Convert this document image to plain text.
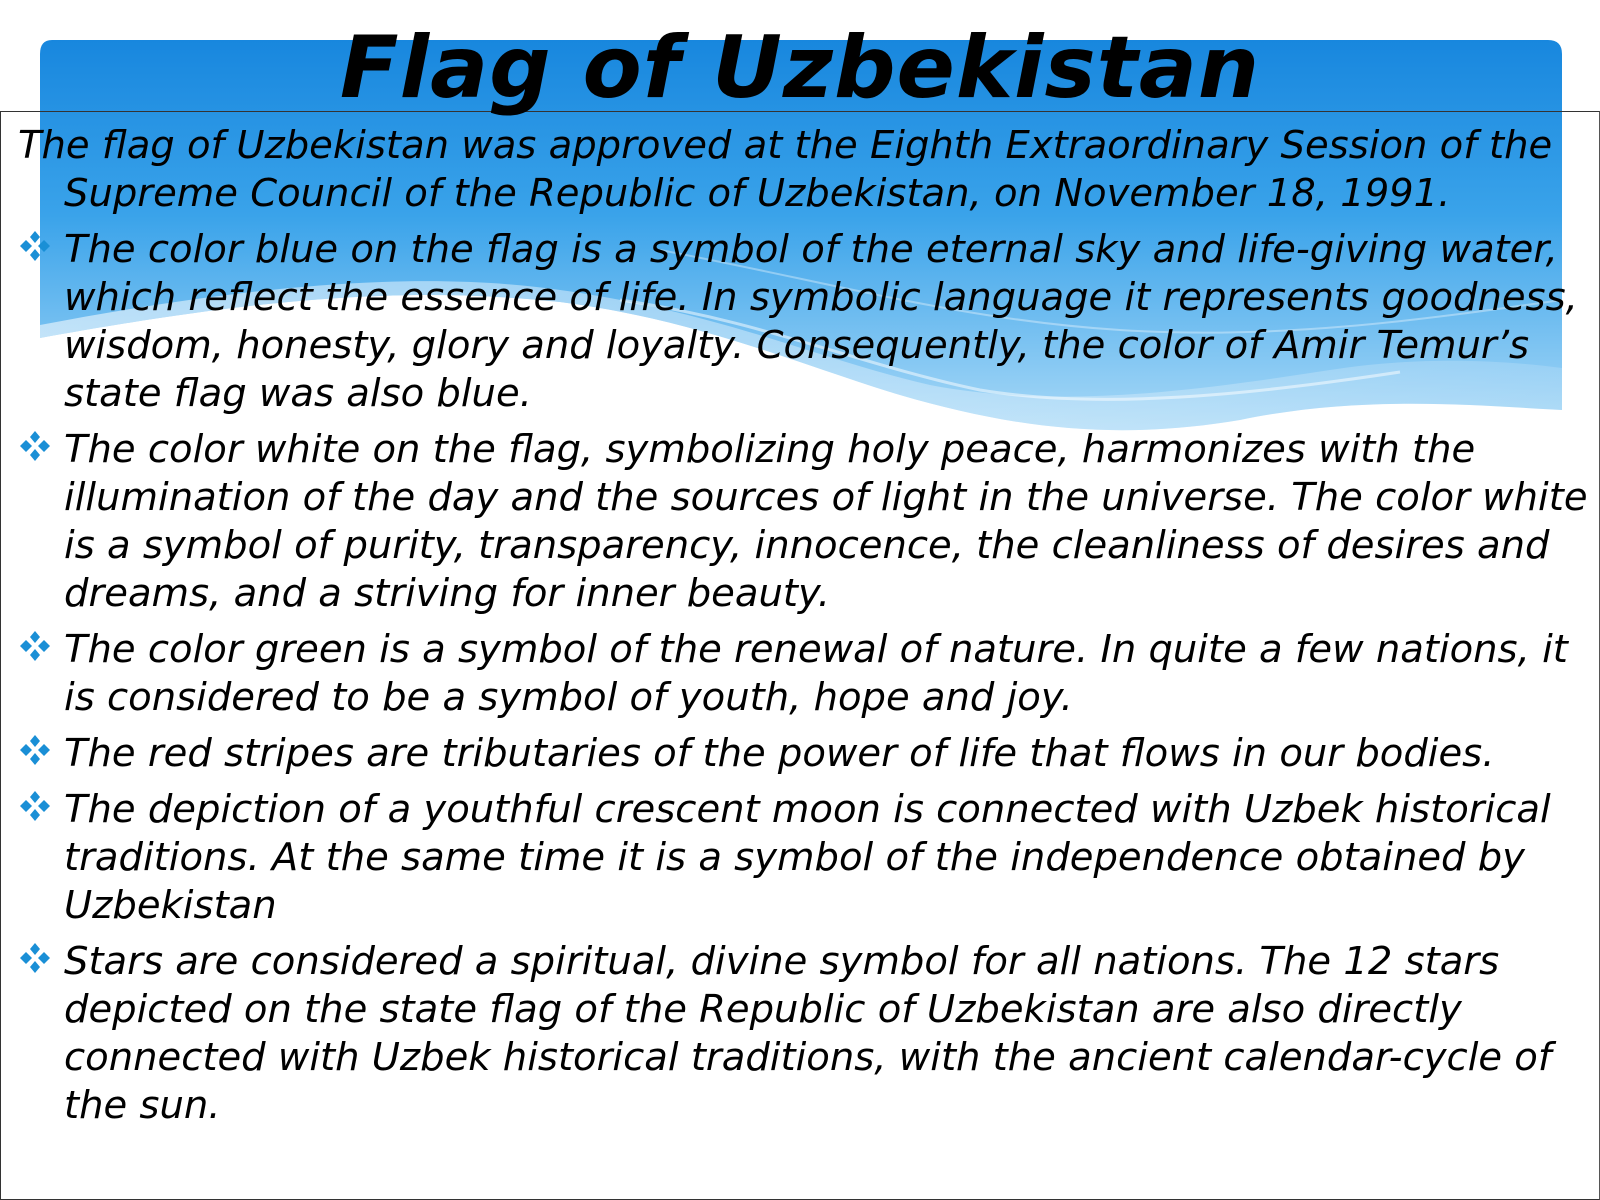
Flag of Uzbekistan

The flag of Uzbekistan was approved at the Eighth Extraordinary Session of the Supreme Council of the Republic of Uzbekistan, on November 18, 1991.

The color blue on the flag is a symbol of the eternal sky and life-giving water, which reflect the essence of life. In symbolic language it represents goodness, wisdom, honesty, glory and loyalty. Consequently, the color of Amir Temur’s state flag was also blue.
The color white on the flag, symbolizing holy peace, harmonizes with the illumination of the day and the sources of light in the universe. The color white is a symbol of purity, transparency, innocence, the cleanliness of desires and dreams, and a striving for inner beauty.
The color green is a symbol of the renewal of nature. In quite a few nations, it is considered to be a symbol of youth, hope and joy.
The red stripes are tributaries of the power of life that flows in our bodies.
The depiction of a youthful crescent moon is connected with Uzbek historical traditions. At the same time it is a symbol of the independence obtained by Uzbekistan
Stars are considered a spiritual, divine symbol for all nations. The 12 stars depicted on the state flag of the Republic of Uzbekistan are also directly connected with Uzbek historical traditions, with the ancient calendar-cycle of the sun.
